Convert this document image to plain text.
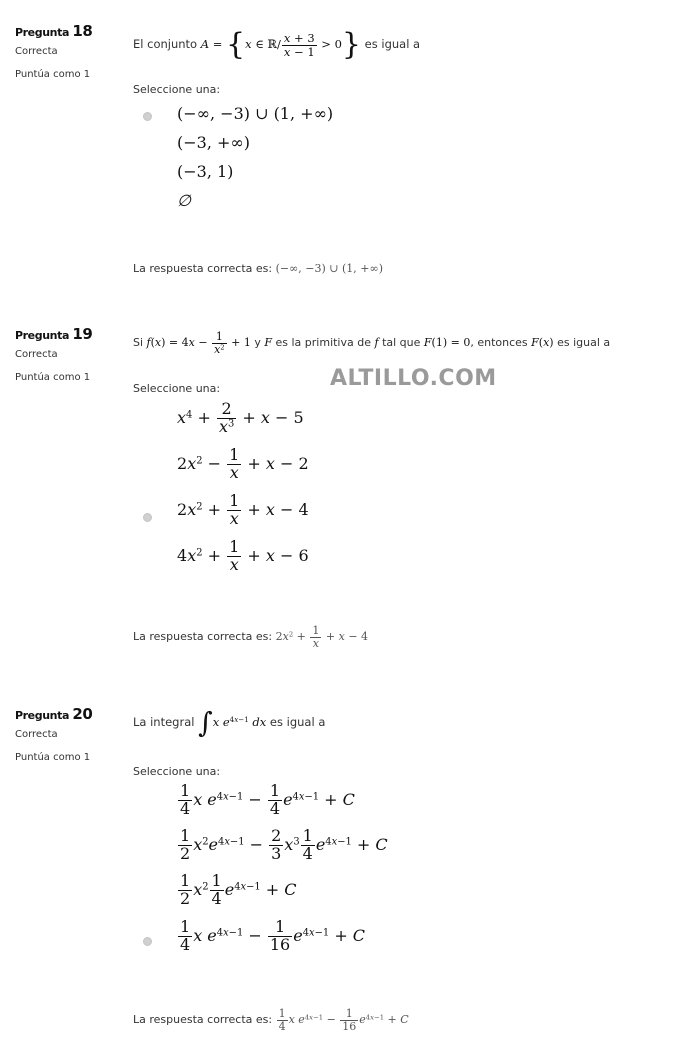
ALTILLO.COM
Pregunta 18
Correcta
Puntúa como 1
El conjunto A = {x ∈ ℝ/ $\frac{x + 3}{x - 1} > 0$} es igual a
Seleccione una:
(−∞, −3) ∪ (1, +∞)
(−3, +∞)
(−3, 1)
∅
La respuesta correcta es: (−∞, −3) ∪ (1, +∞)
Pregunta 19
Correcta
Puntúa como 1
Si $f(x) = 4x - \frac{1}{x^2} + 1$ y F es la primitiva de f tal que F(1) = 0, entonces F(x) es igual a
Seleccione una:
$x^4 + \frac{2}{x^3} + x - 5$
$2x^2 - \frac{1}{x} + x - 2$
$2x^2 + \frac{1}{x} + x - 4$
$4x^2 + \frac{1}{x} + x - 6$
La respuesta correcta es: $2x^2 + \frac{1}{x} + x - 4$
Pregunta 20
Correcta
Puntúa como 1
La integral ∫x $e^{4x-1}$ dx es igual a
Seleccione una:
$\frac{1}{4}$ x $e^{4x-1} - \frac{1}{4} e^{4x-1} + C$
$\frac{1}{2} x^2e^{4x-1} - \frac{2}{3} x^3 \frac{1}{4} e^{4x-1} + C$
$\frac{1}{2} x^2 \frac{1}{4} e^{4x-1} + C$
$\frac{1}{4}$ x $e^{4x-1} - \frac{1}{16} e^{4x-1} + C$
La respuesta correcta es: $\frac{1}{4}$ x $e^{4x-1} - \frac{1}{16} e^{4x-1} + C$
